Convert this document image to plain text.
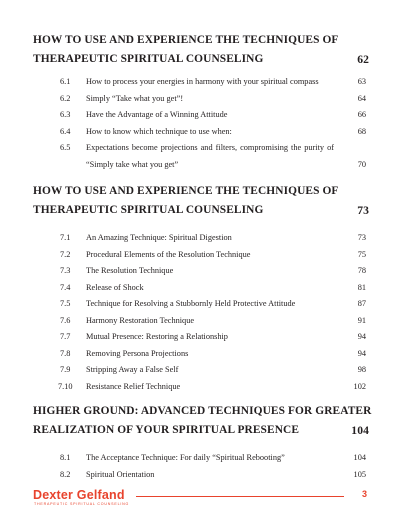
HOW TO USE AND EXPERIENCE THE TECHNIQUES OF
THERAPEUTIC SPIRITUAL COUNSELING	62
6.1 How to process your energies in harmony with your spiritual compass	63
6.2 Simply “Take what you get”!	64
6.3 Have the Advantage of a Winning Attitude	66
6.4 How to know which technique to use when:	68
6.5 Expectations become projections and filters, compromising the purity of “Simply take what you get”	70
HOW TO USE AND EXPERIENCE THE TECHNIQUES OF
THERAPEUTIC SPIRITUAL COUNSELING	73
7.1 An Amazing Technique: Spiritual Digestion	73
7.2 Procedural Elements of the Resolution Technique	75
7.3 The Resolution Technique	78
7.4 Release of Shock	81
7.5 Technique for Resolving a Stubbornly Held Protective Attitude	87
7.6 Harmony Restoration Technique	91
7.7 Mutual Presence: Restoring a Relationship	94
7.8 Removing Persona Projections	94
7.9 Stripping Away a False Self	98
7.10 Resistance Relief Technique	102
HIGHER GROUND: ADVANCED TECHNIQUES FOR GREATER
REALIZATION OF YOUR SPIRITUAL PRESENCE	104
8.1 The Acceptance Technique: For daily “Spiritual Rebooting”	104
8.2 Spiritual Orientation	105
Dexter Gelfand
THERAPEUTIC SPIRITUAL COUNSELING
3
